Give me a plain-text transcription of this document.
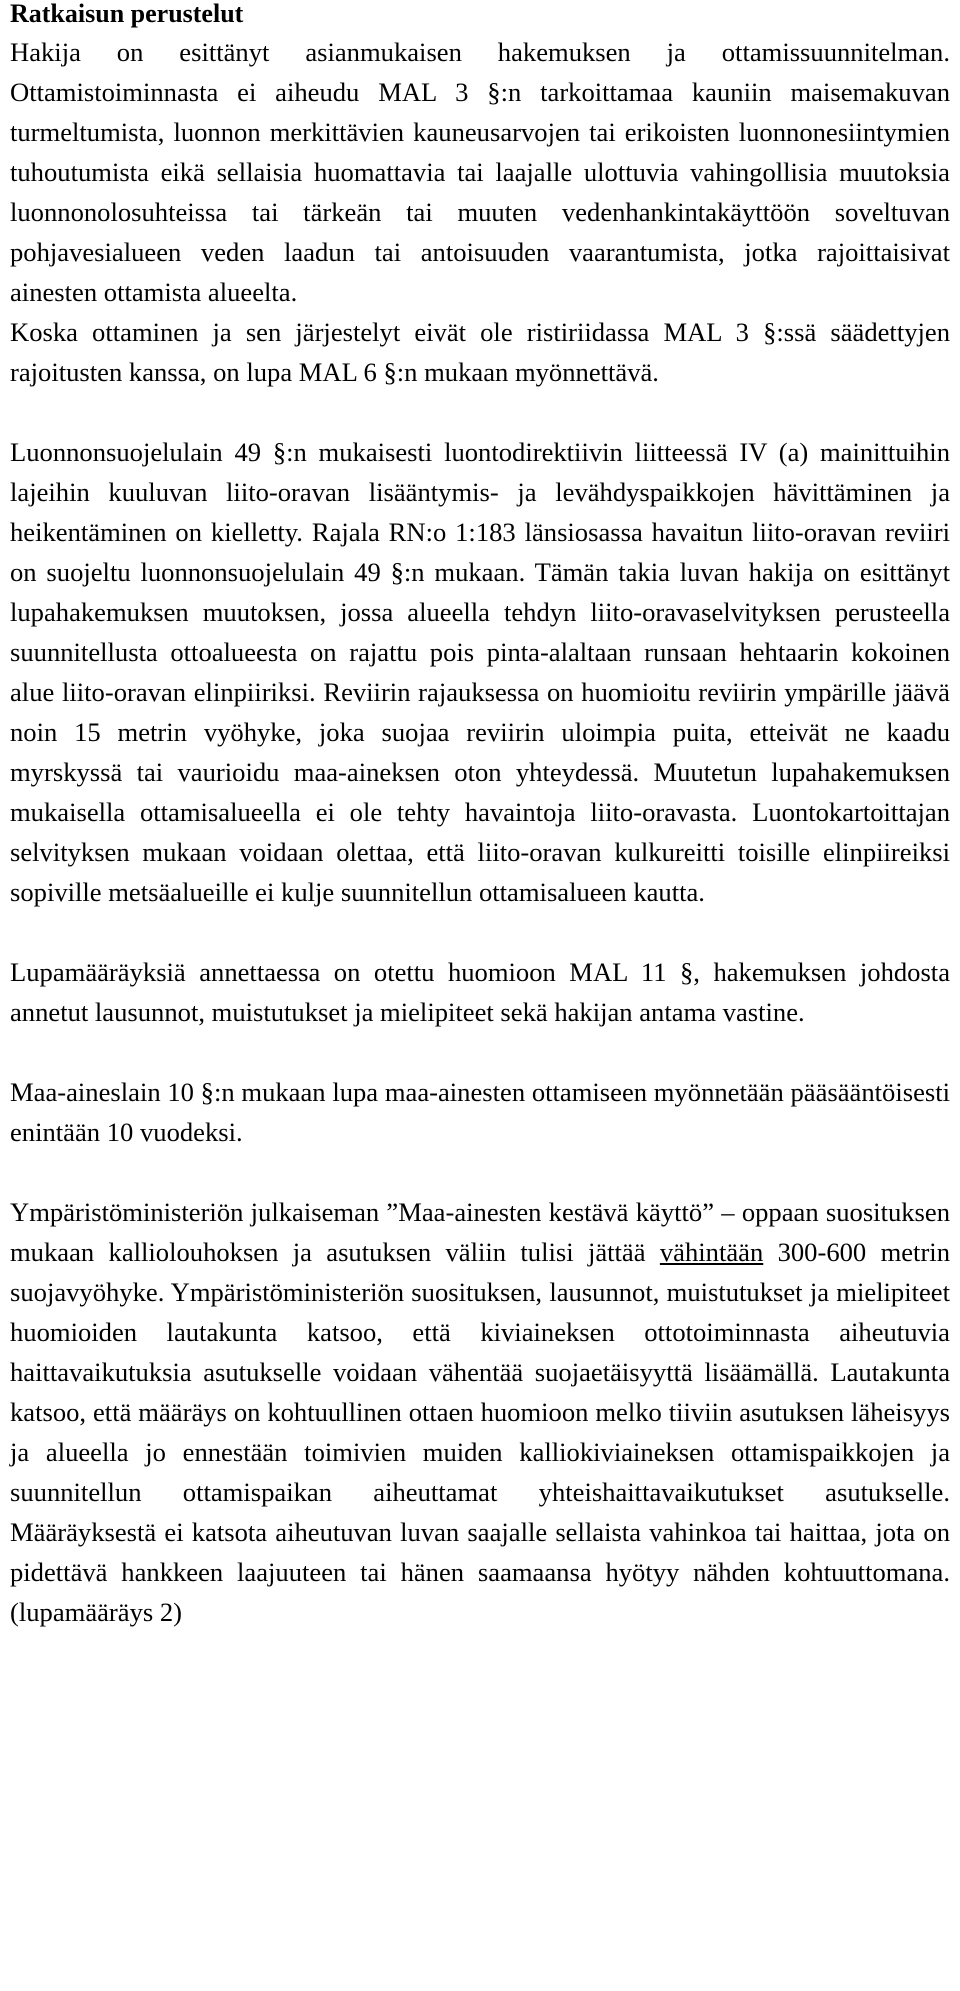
Ratkaisun perustelut

Hakija on esittänyt asianmukaisen hakemuksen ja ottamissuunnitelman. Ottamistoiminnasta ei aiheudu MAL 3 §:n tarkoittamaa kauniin maisemakuvan turmeltumista, luonnon merkittävien kauneusarvojen tai erikoisten luonnonesiintymien tuhoutumista eikä sellaisia huomattavia tai laajalle ulottuvia vahingollisia muutoksia luonnonolosuhteissa tai tärkeän tai muuten vedenhankintakäyttöön soveltuvan pohjavesialueen veden laadun tai antoisuuden vaarantumista, jotka rajoittaisivat ainesten ottamista alueelta.

Koska ottaminen ja sen järjestelyt eivät ole ristiriidassa MAL 3 §:ssä säädettyjen rajoitusten kanssa, on lupa MAL 6 §:n mukaan myönnettävä.

Luonnonsuojelulain 49 §:n mukaisesti luontodirektiivin liitteessä IV (a) mainittuihin lajeihin kuuluvan liito-oravan lisääntymis- ja levähdyspaikkojen hävittäminen ja heikentäminen on kielletty. Rajala RN:o 1:183 länsiosassa havaitun liito-oravan reviiri on suojeltu luonnonsuojelulain 49 §:n mukaan. Tämän takia luvan hakija on esittänyt lupahakemuksen muutoksen, jossa alueella tehdyn liito-oravaselvityksen perusteella suunnitellusta ottoalueesta on rajattu pois pinta-alaltaan runsaan hehtaarin kokoinen alue liito-oravan elinpiiriksi. Reviirin rajauksessa on huomioitu reviirin ympärille jäävä noin 15 metrin vyöhyke, joka suojaa reviirin uloimpia puita, etteivät ne kaadu myrskyssä tai vaurioidu maa-aineksen oton yhteydessä. Muutetun lupahakemuksen mukaisella ottamisalueella ei ole tehty havaintoja liito-oravasta. Luontokartoittajan selvityksen mukaan voidaan olettaa, että liito-oravan kulkureitti toisille elinpiireiksi sopiville metsäalueille ei kulje suunnitellun ottamisalueen kautta.

Lupamääräyksiä annettaessa on otettu huomioon MAL 11 §, hakemuksen johdosta annetut lausunnot, muistutukset ja mielipiteet sekä hakijan antama vastine.

Maa-aineslain 10 §:n mukaan lupa maa-ainesten ottamiseen myönnetään pääsääntöisesti enintään 10 vuodeksi.

Ympäristöministeriön julkaiseman ”Maa-ainesten kestävä käyttö” – oppaan suosituksen mukaan kalliolouhoksen ja asutuksen väliin tulisi jättää vähintään 300-600 metrin suojavyöhyke. Ympäristöministeriön suosituksen, lausunnot, muistutukset ja mielipiteet huomioiden lautakunta katsoo, että kiviaineksen ottotoiminnasta aiheutuvia haittavaikutuksia asutukselle voidaan vähentää suojaetäisyyttä lisäämällä. Lautakunta katsoo, että määräys on kohtuullinen ottaen huomioon melko tiiviin asutuksen läheisyys ja alueella jo ennestään toimivien muiden kalliokiviaineksen ottamispaikkojen ja suunnitellun ottamispaikan aiheuttamat yhteishaittavaikutukset asutukselle. Määräyksestä ei katsota aiheutuvan luvan saajalle sellaista vahinkoa tai haittaa, jota on pidettävä hankkeen laajuuteen tai hänen saamaansa hyötyy nähden kohtuuttomana. (lupamääräys 2)
